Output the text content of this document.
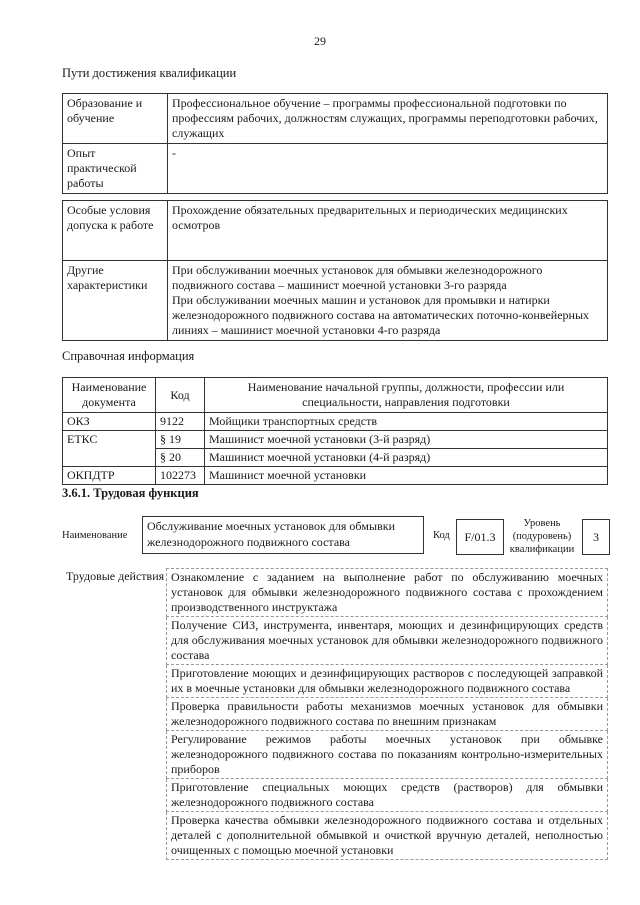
29
Пути достижения квалификации
Образование и обучение	Профессиональное обучение – программы профессиональной подготовки по профессиям рабочих, должностям служащих, программы переподготовки рабочих, служащих
Опыт практической работы	-
Особые условия допуска к работе	Прохождение обязательных предварительных и периодических медицинских осмотров
Другие характеристики	При обслуживании моечных установок для обмывки железнодорожного подвижного состава – машинист моечной установки 3-го разряда
При обслуживании моечных машин и установок для промывки и натирки железнодорожного подвижного состава на автоматических поточно-конвейерных линиях – машинист моечной установки 4-го разряда
Справочная информация
Наименование документа	Код	Наименование начальной группы, должности, профессии или специальности, направления подготовки
ОКЗ	9122	Мойщики транспортных средств
ЕТКС	§ 19	Машинист моечной установки (3-й разряд)
	§ 20	Машинист моечной установки (4-й разряд)
ОКПДТР	102273	Машинист моечной установки
3.6.1. Трудовая функция
Наименование
Обслуживание моечных установок для обмывки железнодорожного подвижного состава	Код	F/01.3
Уровень (подуровень) квалификации
3
Трудовые действия	Ознакомление с заданием на выполнение работ по обслуживанию моечных установок для обмывки железнодорожного подвижного состава с прохождением производственного инструктажа
Получение СИЗ, инструмента, инвентаря, моющих и дезинфицирующих средств для обслуживания моечных установок для обмывки железнодорожного подвижного состава
Приготовление моющих и дезинфицирующих растворов с последующей заправкой их в моечные установки для обмывки железнодорожного подвижного состава
Проверка правильности работы механизмов моечных установок для обмывки железнодорожного подвижного состава по внешним признакам
Регулирование режимов работы моечных установок при обмывке железнодорожного подвижного состава по показаниям контрольно-измерительных приборов
Приготовление специальных моющих средств (растворов) для обмывки железнодорожного подвижного состава
Проверка качества обмывки железнодорожного подвижного состава и отдельных деталей с дополнительной обмывкой и очисткой вручную деталей, неполностью очищенных с помощью моечной установки
